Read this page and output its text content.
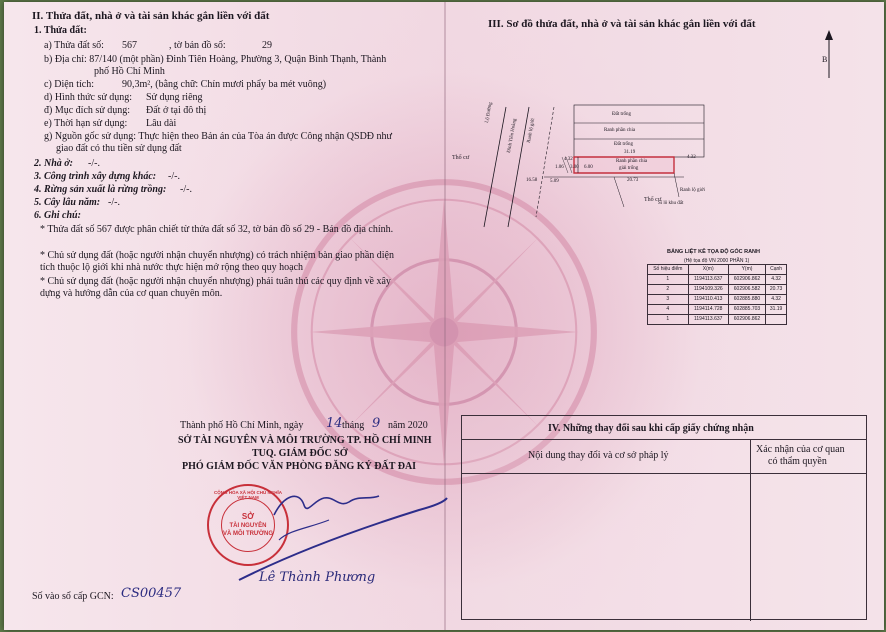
II. Thửa đất, nhà ở và tài sản khác gắn liền với đất
1. Thửa đất:
a) Thửa đất số: 567	, tờ bản đồ số:	29
b) Địa chỉ: 87/140 (một phần) Đinh Tiên Hoàng, Phường 3, Quận Bình Thạnh, Thành
phố Hồ Chí Minh
c) Diện tích:	90,3m², (bằng chữ: Chín mươi phẩy ba mét vuông)
d) Hình thức sử dụng: Sử dụng riêng
đ) Mục đích sử dụng: Đất ở tại đô thị
e) Thời hạn sử dụng: Lâu dài
g) Nguồn gốc sử dụng: Thực hiện theo Bản án của Tòa án được Công nhận QSDĐ như
giao đất có thu tiền sử dụng đất
2. Nhà ở: -/-.
3. Công trình xây dựng khác: -/-.
4. Rừng sản xuất là rừng trồng: -/-.
5. Cây lâu năm: -/-.
6. Ghi chú:
* Thửa đất số 567 được phân chiết từ thửa đất số 32, tờ bản đồ số 29 - Bản đồ địa chính.
* Chủ sử dụng đất (hoặc người nhận chuyển nhượng) có trách nhiệm bàn giao phần diện tích thuộc lộ giới khi nhà nước thực hiện mở rộng theo quy hoạch
* Chủ sử dụng đất (hoặc người nhận chuyển nhượng) phải tuân thủ các quy định về xây dựng và hướng dẫn của cơ quan chuyên môn.
Thành phố Hồ Chí Minh, ngày 14 tháng 9 năm 2020
SỞ TÀI NGUYÊN VÀ MÔI TRƯỜNG TP. HỒ CHÍ MINH
TUQ. GIÁM ĐỐC SỞ
PHÓ GIÁM ĐỐC VĂN PHÒNG ĐĂNG KÝ ĐẤT ĐAI
CỘNG HÒA XÃ HỘI CHỦ NGHĨA VIỆT NAM
SỞ
TÀI NGUYÊN
VÀ MÔI TRƯỜNG
Lê Thành Phương
Số vào sổ cấp GCN: CS00457
III. Sơ đồ thửa đất, nhà ở và tài sản khác gắn liền với đất
B
Đất trống
Ranh phần chia
Đất trống
31.19
Ranh phần chia
giải trống
Thổ cư
Thổ cư
4.32
20.73
4.32
16.58
1.06 3.00 6.00
5.09
Ranh lộ giới
Sĩ lô khu đất
Lộ Đường
Đinh Tiên Hoàng	Ranh lộ giới
BẢNG LIỆT KÊ TỌA ĐỘ GÓC RANH
(Hệ tọa độ VN 2000 PHẦN 1)
Số hiệu điểm	X(m)	Y(m)	Cạnh
1	1194113.637	602906.862	4.32
2	1194109.326	602906.582	20.73
3	1194110.413	602885.880	4.32
4	1194114.728	602885.703	31.19
1	1194113.637	602906.862	
IV. Những thay đổi sau khi cấp giấy chứng nhận
Nội dung thay đổi và cơ sở pháp lý
Xác nhận của cơ quan
có thẩm quyền
